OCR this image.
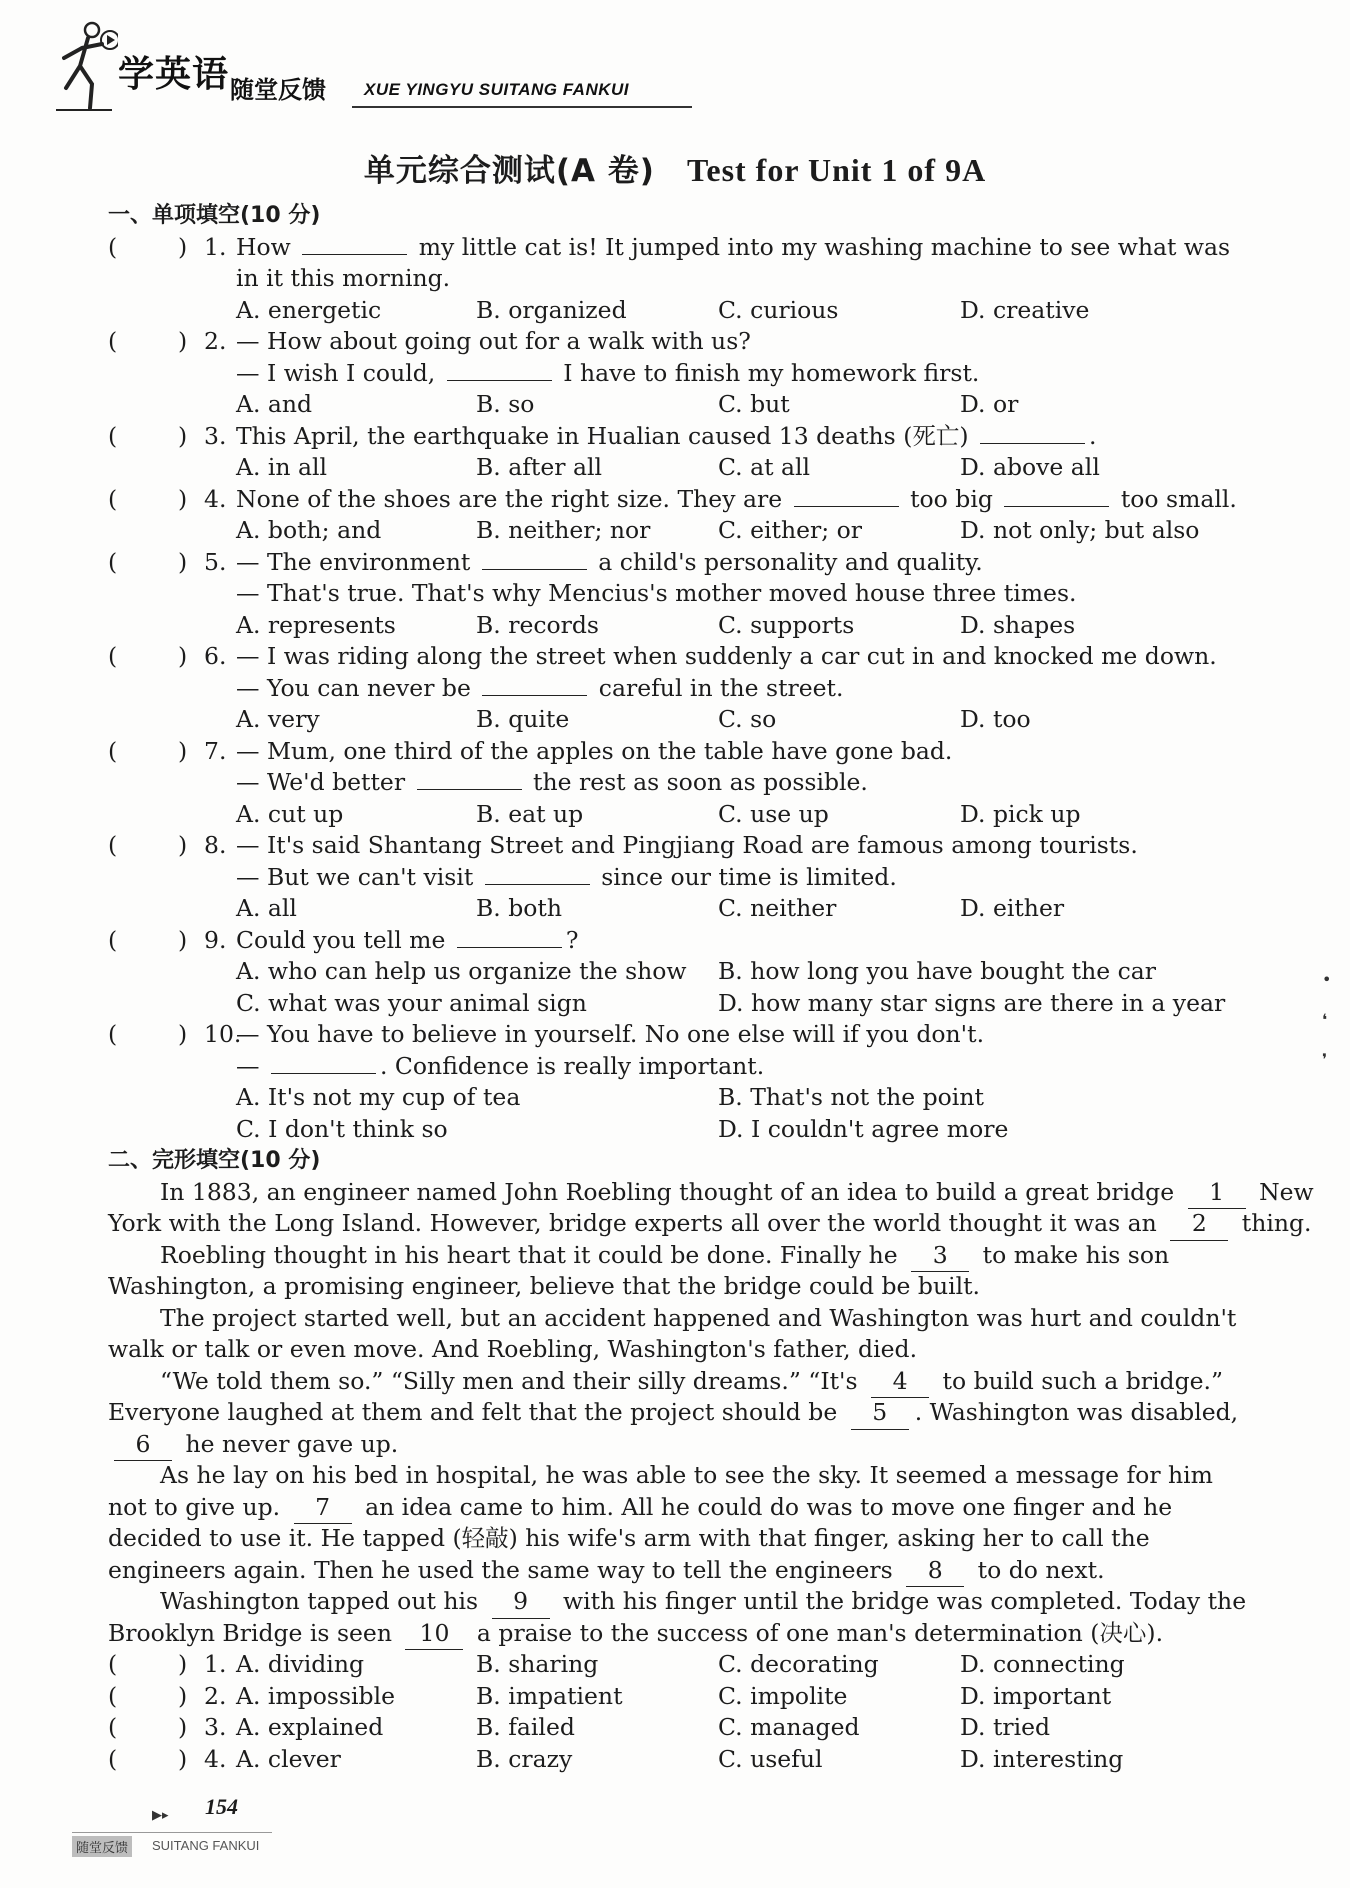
学英语 随堂反馈 XUE YINGYU SUITANG FANKUI
单元综合测试(A 卷) Test for Unit 1 of 9A
一、单项填空(10 分)
(	) 1. How	my little cat is! It jumped into my washing machine to see what was
in it this morning.
A. energetic	B. organized	C. curious	D. creative
(	) 2. — How about going out for a walk with us?
— I wish I could,	I have to finish my homework first.
A. and	B. so	C. but	D. or
(	) 3. This April, the earthquake in Hualian caused 13 deaths (死亡)	.
A. in all	B. after all	C. at all	D. above all
(	) 4. None of the shoes are the right size. They are	too big	too small.
A. both; and	B. neither; nor	C. either; or	D. not only; but also
(	) 5. — The environment	a child's personality and quality.
— That's true. That's why Mencius's mother moved house three times.
A. represents	B. records	C. supports	D. shapes
(	) 6. — I was riding along the street when suddenly a car cut in and knocked me down.
— You can never be	careful in the street.
A. very	B. quite	C. so	D. too
(	) 7. — Mum, one third of the apples on the table have gone bad.
— We'd better	the rest as soon as possible.
A. cut up	B. eat up	C. use up	D. pick up
(	) 8. — It's said Shantang Street and Pingjiang Road are famous among tourists.
— But we can't visit	since our time is limited.
A. all	B. both	C. neither	D. either
(	) 9. Could you tell me	?
A. who can help us organize the show B. how long you have bought the car
C. what was your animal sign	D. how many star signs are there in a year
(	) 10.
— You have to believe in yourself. No one else will if you don't.
—	. Confidence is really important.
A. It's not my cup of tea	B. That's not the point
C. I don't think so	D. I couldn't agree more
二、完形填空(10 分)
In 1883, an engineer named John Roebling thought of an idea to build a great bridge 1 New
York with the Long Island. However, bridge experts all over the world thought it was an 2 thing.
Roebling thought in his heart that it could be done. Finally he 3 to make his son
Washington, a promising engineer, believe that the bridge could be built.
The project started well, but an accident happened and Washington was hurt and couldn't
walk or talk or even move. And Roebling, Washington's father, died.
“We told them so.” “Silly men and their silly dreams.” “It's 4 to build such a bridge.”
Everyone laughed at them and felt that the project should be 5 . Washington was disabled,
6 he never gave up.
As he lay on his bed in hospital, he was able to see the sky. It seemed a message for him
not to give up. 7 an idea came to him. All he could do was to move one finger and he
decided to use it. He tapped (轻敲) his wife's arm with that finger, asking her to call the
engineers again. Then he used the same way to tell the engineers 8 to do next.
Washington tapped out his 9 with his finger until the bridge was completed. Today the
Brooklyn Bridge is seen 10 a praise to the success of one man's determination (决心).
(	) 1. A. dividing	B. sharing	C. decorating	D. connecting
(	) 2. A. impossible	B. impatient	C. impolite	D. important
(	) 3. A. explained	B. failed	C. managed	D. tried
(	) 4. A. clever	B. crazy	C. useful	D. interesting
•
❛
❜
▶▸ 154
随堂反馈	SUITANG FANKUI
